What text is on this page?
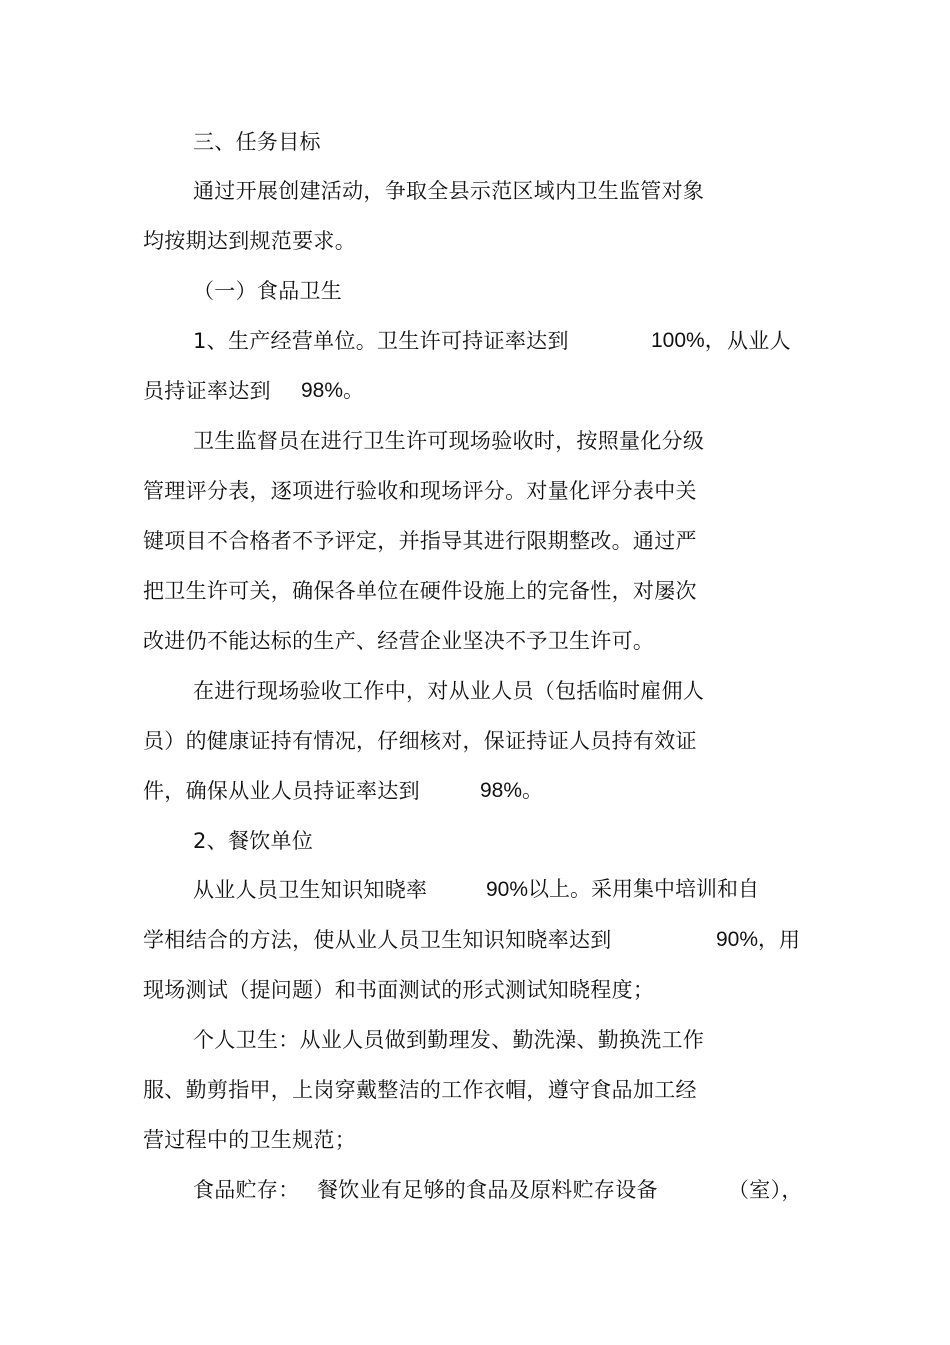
三、任务目标
通过开展创建活动，争取全县示范区域内卫生监管对象
均按期达到规范要求。
（一）食品卫生
1、生产经营单位。卫生许可持证率达到	100%， 从业人
员持证率达到 98%。
卫生监督员在进行卫生许可现场验收时，按照量化分级
管理评分表，逐项进行验收和现场评分。对量化评分表中关
键项目不合格者不予评定，并指导其进行限期整改。通过严
把卫生许可关，确保各单位在硬件设施上的完备性，对屡次
改进仍不能达标的生产、经营企业坚决不予卫生许可。
在进行现场验收工作中，对从业人员（包括临时雇佣人
员）的健康证持有情况，仔细核对，保证持证人员持有效证
件，确保从业人员持证率达到	98%。
2、餐饮单位
从业人员卫生知识知晓率	90%以上。采用集中培训和自
学相结合的方法，使从业人员卫生知识知晓率达到	90%， 用
现场测试（提问题）和书面测试的形式测试知晓程度；
个人卫生：从业人员做到勤理发、勤洗澡、勤换洗工作
服、勤剪指甲，上岗穿戴整洁的工作衣帽，遵守食品加工经
营过程中的卫生规范；
食品贮存： 餐饮业有足够的食品及原料贮存设备	（室），
